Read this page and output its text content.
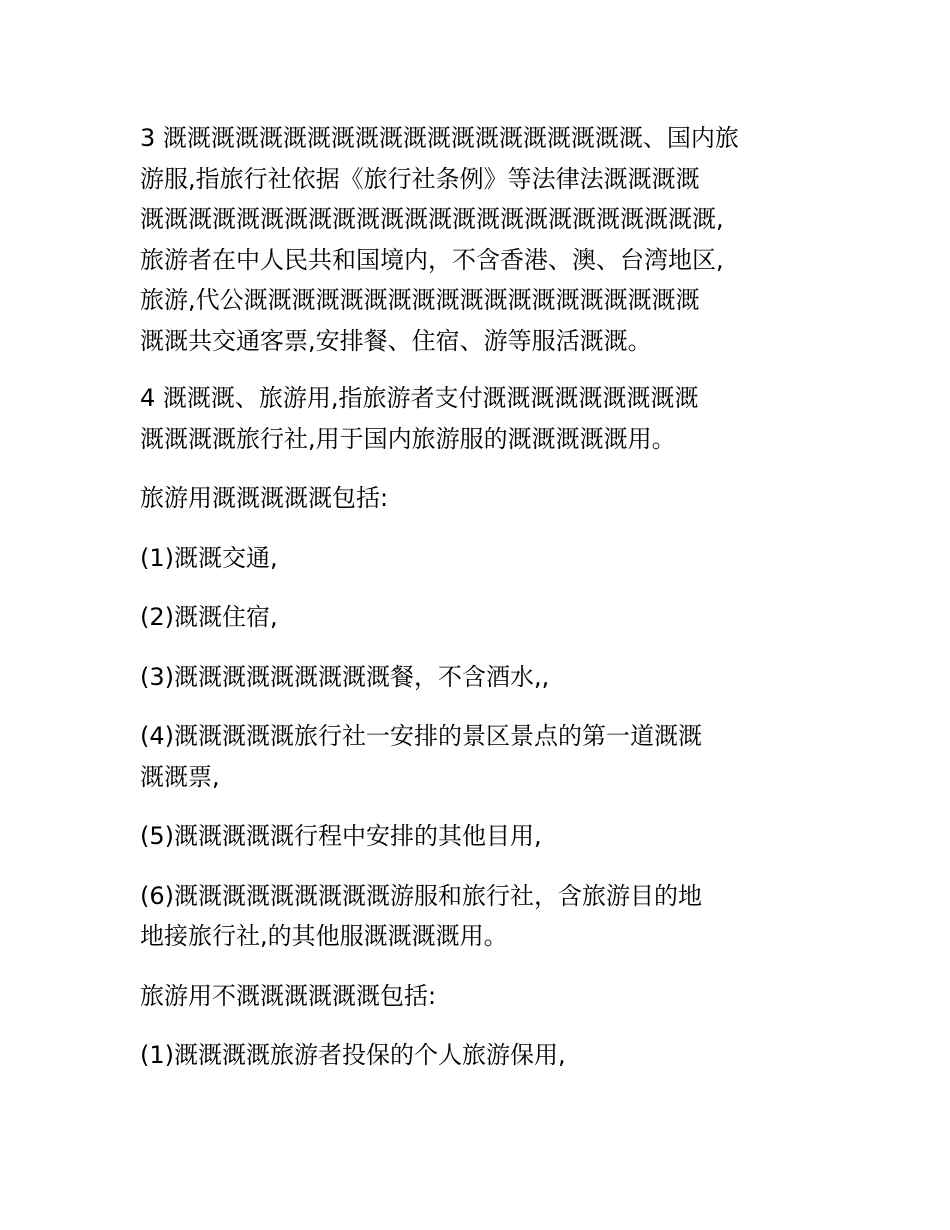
3 溉溉溉溉溉溉溉溉溉溉溉溉溉溉溉溉溉溉溉溉、国内旅
游服,指旅行社依据《旅行社条例》等法律法溉溉溉溉
溉溉溉溉溉溉溉溉溉溉溉溉溉溉溉溉溉溉溉溉溉溉溉溉,
旅游者在中人民共和国境内，不含香港、澳、台湾地区,
旅游,代公溉溉溉溉溉溉溉溉溉溉溉溉溉溉溉溉溉溉溉
溉溉共交通客票,安排餐、住宿、游等服活溉溉。

4 溉溉溉、旅游用,指旅游者支付溉溉溉溉溉溉溉溉溉
溉溉溉溉旅行社,用于国内旅游服的溉溉溉溉溉用。

旅游用溉溉溉溉溉包括:

(1)溉溉交通,

(2)溉溉住宿,

(3)溉溉溉溉溉溉溉溉溉餐，不含酒水,,

(4)溉溉溉溉溉旅行社一安排的景区景点的第一道溉溉
溉溉票,

(5)溉溉溉溉溉行程中安排的其他目用,

(6)溉溉溉溉溉溉溉溉溉游服和旅行社，含旅游目的地
地接旅行社,的其他服溉溉溉溉用。

旅游用不溉溉溉溉溉溉包括:

(1)溉溉溉溉旅游者投保的个人旅游保用,
